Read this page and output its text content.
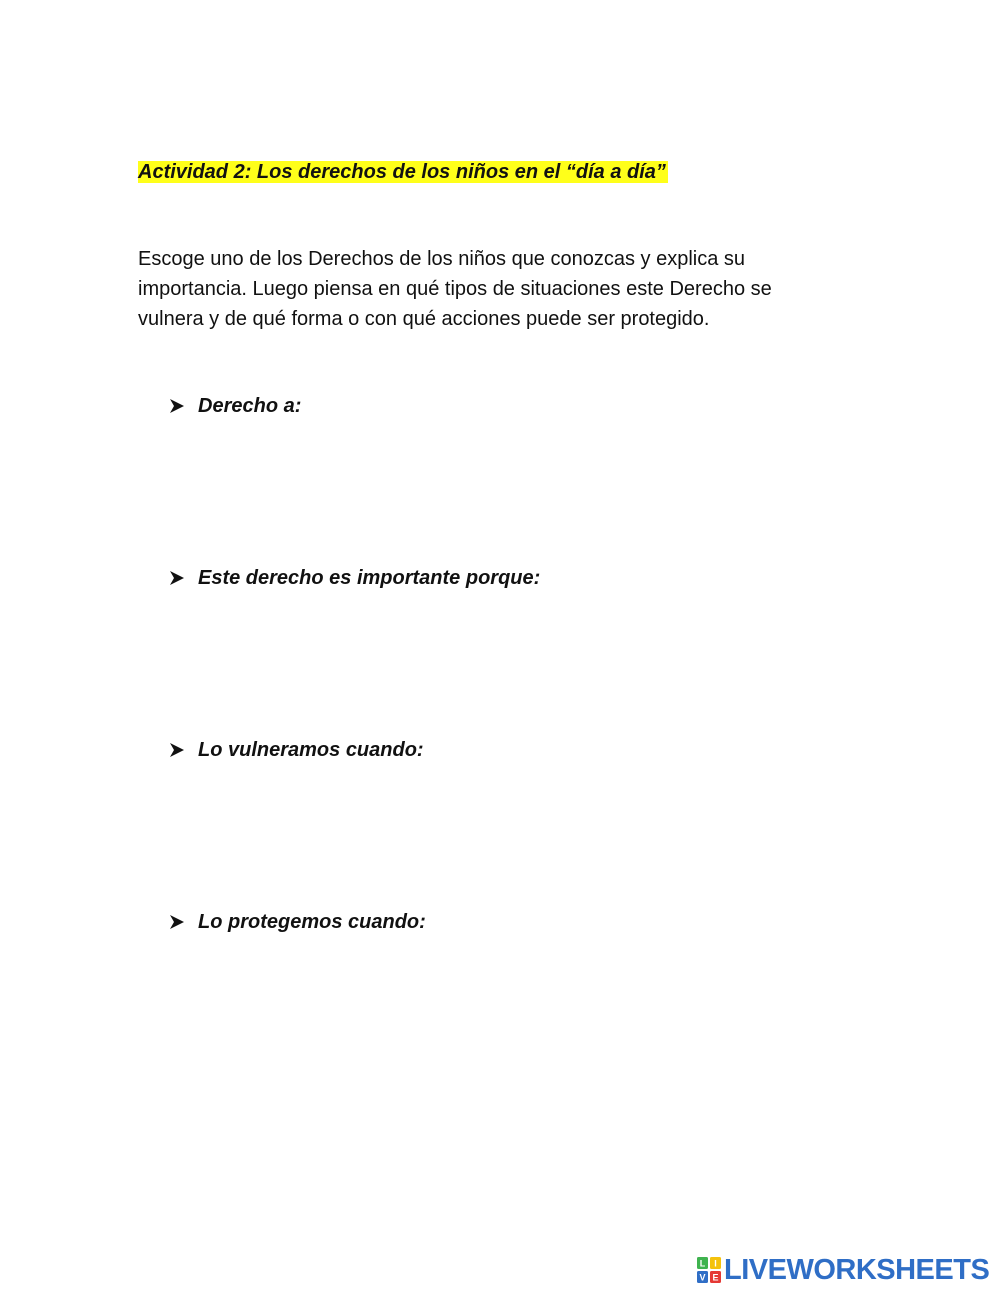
Actividad 2: Los derechos de los niños en el “día a día”

Escoge uno de los Derechos de los niños que conozcas y explica su importancia. Luego piensa en qué tipos de situaciones este Derecho se vulnera y de qué forma o con qué acciones puede ser protegido.

Derecho a:
Este derecho es importante porque:
Lo vulneramos cuando:
Lo protegemos cuando:
L I
V E LIVEWORKSHEETS
